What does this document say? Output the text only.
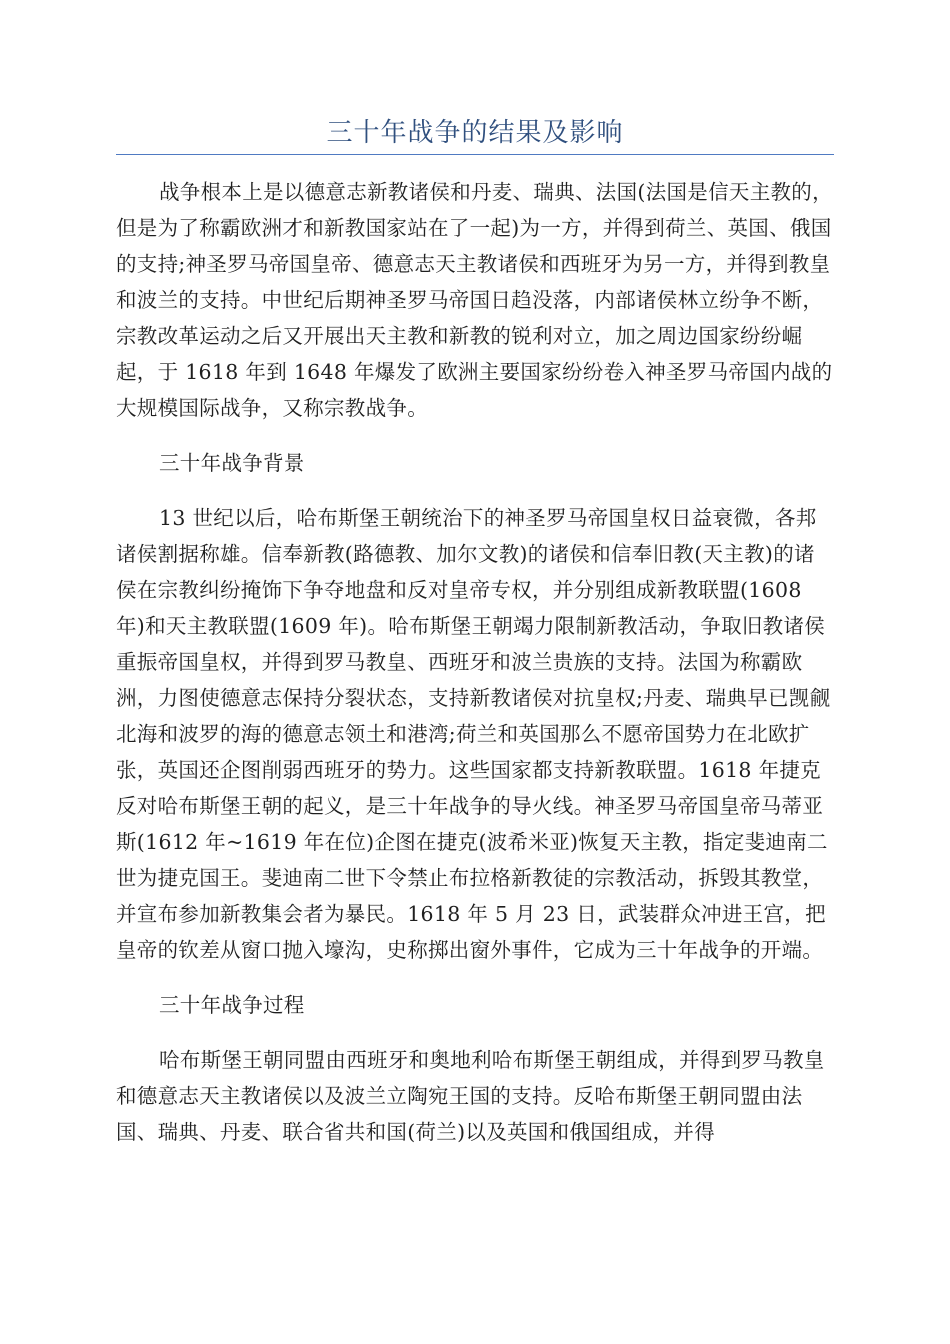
三十年战争的结果及影响

战争根本上是以德意志新教诸侯和丹麦、瑞典、法国(法国是信天主教的，但是为了称霸欧洲才和新教国家站在了一起)为一方，并得到荷兰、英国、俄国的支持;神圣罗马帝国皇帝、德意志天主教诸侯和西班牙为另一方，并得到教皇和波兰的支持。中世纪后期神圣罗马帝国日趋没落，内部诸侯林立纷争不断，宗教改革运动之后又开展出天主教和新教的锐利对立，加之周边国家纷纷崛起，于 1618 年到 1648 年爆发了欧洲主要国家纷纷卷入神圣罗马帝国内战的大规模国际战争，又称宗教战争。

三十年战争背景

13 世纪以后，哈布斯堡王朝统治下的神圣罗马帝国皇权日益衰微，各邦诸侯割据称雄。信奉新教(路德教、加尔文教)的诸侯和信奉旧教(天主教)的诸侯在宗教纠纷掩饰下争夺地盘和反对皇帝专权，并分别组成新教联盟(1608 年)和天主教联盟(1609 年)。哈布斯堡王朝竭力限制新教活动，争取旧教诸侯重振帝国皇权，并得到罗马教皇、西班牙和波兰贵族的支持。法国为称霸欧洲，力图使德意志保持分裂状态，支持新教诸侯对抗皇权;丹麦、瑞典早已觊觎北海和波罗的海的德意志领土和港湾;荷兰和英国那么不愿帝国势力在北欧扩张，英国还企图削弱西班牙的势力。这些国家都支持新教联盟。1618 年捷克反对哈布斯堡王朝的起义，是三十年战争的导火线。神圣罗马帝国皇帝马蒂亚斯(1612 年~1619 年在位)企图在捷克(波希米亚)恢复天主教，指定斐迪南二世为捷克国王。斐迪南二世下令禁止布拉格新教徒的宗教活动，拆毁其教堂，并宣布参加新教集会者为暴民。1618 年 5 月 23 日，武装群众冲进王宫，把皇帝的钦差从窗口抛入壕沟，史称掷出窗外事件，它成为三十年战争的开端。

三十年战争过程

哈布斯堡王朝同盟由西班牙和奥地利哈布斯堡王朝组成，并得到罗马教皇和德意志天主教诸侯以及波兰立陶宛王国的支持。反哈布斯堡王朝同盟由法国、瑞典、丹麦、联合省共和国(荷兰)以及英国和俄国组成，并得
